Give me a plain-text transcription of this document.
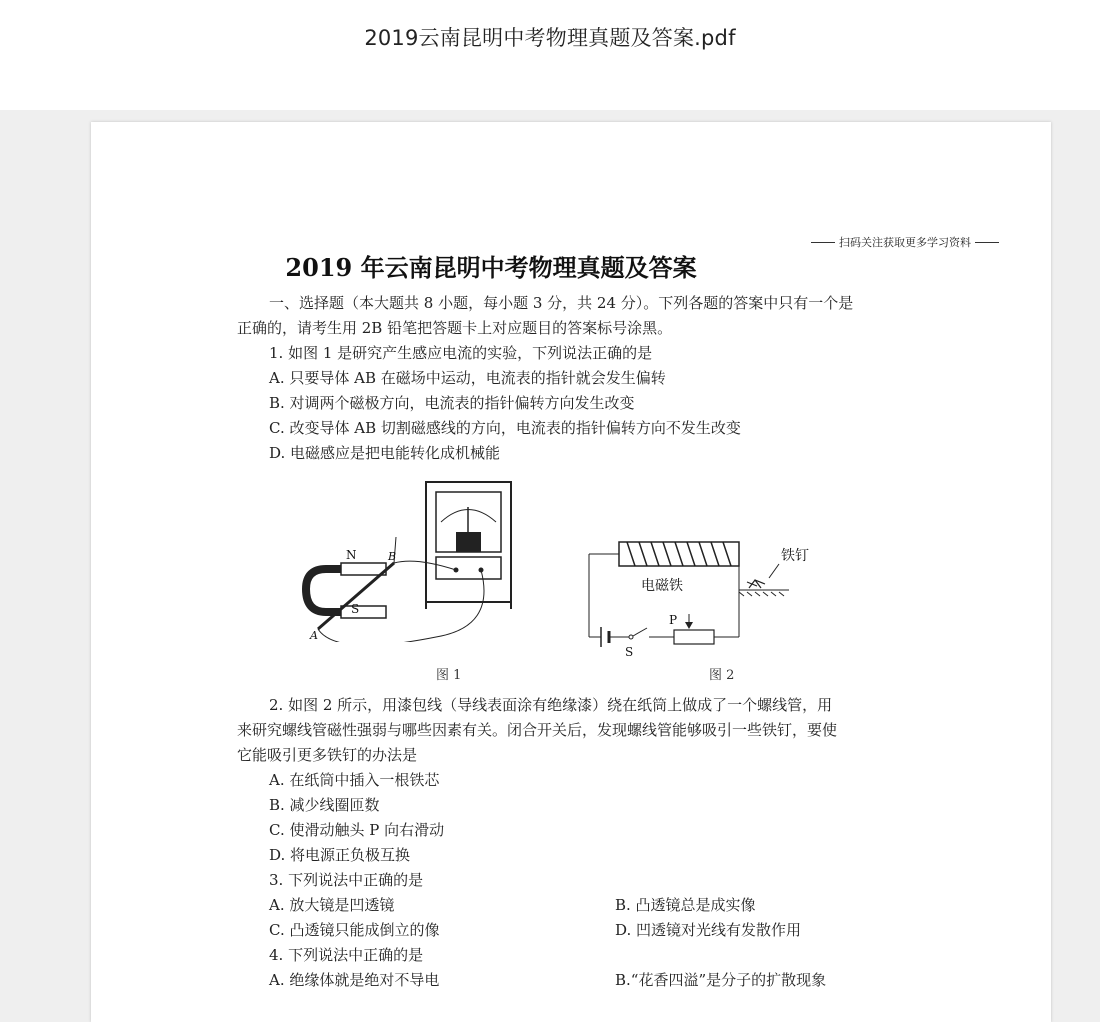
2019云南昆明中考物理真题及答案.pdf
扫码关注获取更多学习资料
2019 年云南昆明中考物理真题及答案
一、选择题（本大题共 8 小题，每小题 3 分，共 24 分）。下列各题的答案中只有一个是
正确的，请考生用 2B 铅笔把答题卡上对应题目的答案标号涂黑。
1. 如图 1 是研究产生感应电流的实验，下列说法正确的是
A. 只要导体 AB 在磁场中运动，电流表的指针就会发生偏转
B. 对调两个磁极方向，电流表的指针偏转方向发生改变
C. 改变导体 AB 切割磁感线的方向，电流表的指针偏转方向不发生改变
D. 电磁感应是把电能转化成机械能
N
S
A
B
图 1
电磁铁
铁钉
P
S
图 2
2. 如图 2 所示，用漆包线（导线表面涂有绝缘漆）绕在纸筒上做成了一个螺线管，用
来研究螺线管磁性强弱与哪些因素有关。闭合开关后，发现螺线管能够吸引一些铁钉，要使
它能吸引更多铁钉的办法是
A. 在纸筒中插入一根铁芯
B. 减少线圈匝数
C. 使滑动触头 P 向右滑动
D. 将电源正负极互换
3. 下列说法中正确的是
A. 放大镜是凹透镜	B. 凸透镜总是成实像
C. 凸透镜只能成倒立的像	D. 凹透镜对光线有发散作用
4. 下列说法中正确的是
A. 绝缘体就是绝对不导电	B.“花香四溢”是分子的扩散现象
